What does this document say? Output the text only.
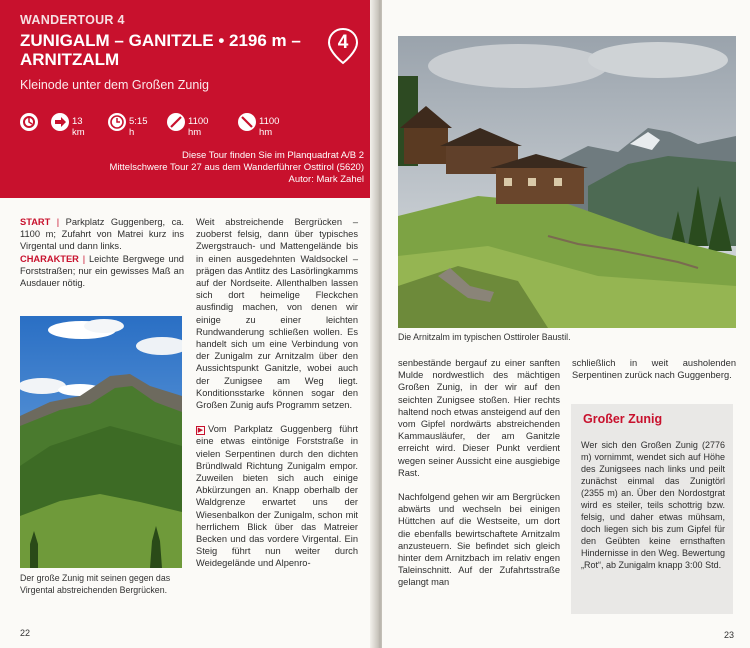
WANDERTOUR 4
ZUNIGALM – GANITZLE • 2196 m – ARNITZALM
Kleinode unter dem Großen Zunig
4
13 km
5:15 h
1100 hm
1100 hm
Diese Tour finden Sie im Planquadrat A/B 2
Mittelschwere Tour 27 aus dem Wanderführer Osttirol (5620)
Autor: Mark Zahel
START | Parkplatz Guggenberg, ca. 1100 m; Zufahrt von Matrei kurz ins Virgental und dann links.
CHARAKTER | Leichte Bergwege und Forststraßen; nur ein gewisses Maß an Ausdauer nötig.
Der große Zunig mit seinen gegen das Virgental abstreichenden Bergrücken.

Weit abstreichende Bergrücken – zuoberst felsig, dann über typisches Zwergstrauch- und Mattengelände bis in einen ausgedehnten Waldsockel – prägen das Antlitz des Lasörlingkamms auf der Nordseite. Allenthalben lassen sich dort heimelige Fleckchen ausfindig machen, von denen wir einige zu einer leichten Rundwanderung schließen wollen. Es handelt sich um eine Verbindung von der Zunigalm zur Arnitzalm über den Aussichtspunkt Ganitzle, wobei auch der Zunigsee am Weg liegt. Konditionsstarke können sogar den Großen Zunig aufs Programm setzen.

▶ Vom Parkplatz Guggenberg führt eine etwas eintönige Forststraße in vielen Serpentinen durch den dichten Bründlwald Richtung Zunigalm empor. Zuweilen bieten sich auch einige Abkürzungen an. Knapp oberhalb der Waldgrenze erwartet uns der Wiesenbalkon der Zunigalm, schon mit herrlichem Blick über das Matreier Becken und das vordere Virgental. Ein Steig führt nun weiter durch Weidegelände und Alpenro-

22
Die Arnitzalm im typischen Osttiroler Baustil.

senbestände bergauf zu einer sanften Mulde nordwestlich des mächtigen Großen Zunig, in der wir auf den seichten Zunigsee stoßen. Hier rechts haltend noch etwas ansteigend auf den vom Gipfel nordwärts abstreichenden Kammausläufer, der am Ganitzle erreicht wird. Dieser Punkt verdient wegen seiner Aussicht eine ausgiebige Rast.

Nachfolgend gehen wir am Bergrücken abwärts und wechseln bei einigen Hüttchen auf die Westseite, um dort die ebenfalls bewirtschaftete Arnitzalm anzusteuern. Sie befindet sich gleich hinter dem Arnitzbach im relativ engen Taleinschnitt. Auf der Zufahrtsstraße gelangt man

schließlich in weit ausholenden Serpentinen zurück nach Guggenberg.

23
Großer Zunig
Wer sich den Großen Zunig (2776 m) vornimmt, wendet sich auf Höhe des Zunigsees nach links und peilt zunächst einmal das Zunigtörl (2355 m) an. Über den Nordostgrat wird es steiler, teils schottrig bzw. felsig, und daher etwas mühsam, doch liegen sich bis zum Gipfel für den Geübten keine ernsthaften Hindernisse in den Weg. Bewertung „Rot“, ab Zunigalm knapp 3:00 Std.
